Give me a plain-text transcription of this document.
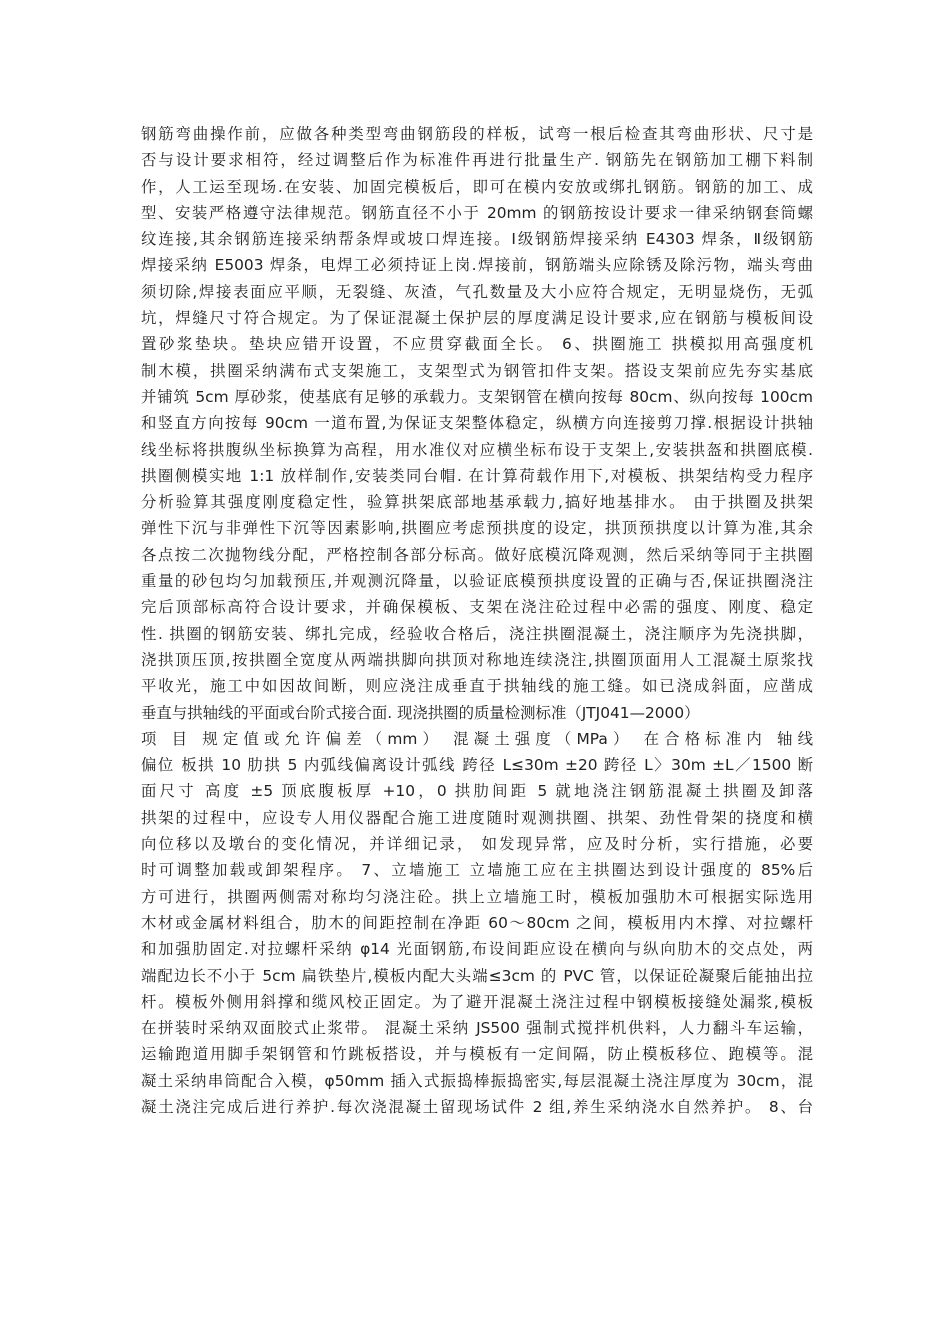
钢筋弯曲操作前，应做各种类型弯曲钢筋段的样板，试弯一根后检查其弯曲形状、尺寸是
否与设计要求相符，经过调整后作为标准件再进行批量生产. 钢筋先在钢筋加工棚下料制
作，人工运至现场.在安装、加固完模板后，即可在模内安放或绑扎钢筋。钢筋的加工、成
型、安装严格遵守法律规范。钢筋直径不小于 20mm 的钢筋按设计要求一律采纳钢套筒螺
纹连接,其余钢筋连接采纳帮条焊或坡口焊连接。Ⅰ级钢筋焊接采纳 E4303 焊条，Ⅱ级钢筋
焊接采纳 E5003 焊条，电焊工必须持证上岗.焊接前，钢筋端头应除锈及除污物，端头弯曲
须切除,焊接表面应平顺，无裂缝、灰渣，气孔数量及大小应符合规定，无明显烧伤，无弧
坑，焊缝尺寸符合规定。为了保证混凝土保护层的厚度满足设计要求,应在钢筋与模板间设
置砂浆垫块。垫块应错开设置，不应贯穿截面全长。 6、拱圈施工 拱模拟用高强度机
制木模，拱圈采纳满布式支架施工，支架型式为钢管扣件支架。搭设支架前应先夯实基底
并铺筑 5cm 厚砂浆，使基底有足够的承载力。支架钢管在横向按每 80cm、纵向按每 100cm
和竖直方向按每 90cm 一道布置,为保证支架整体稳定，纵横方向连接剪刀撑.根据设计拱轴
线坐标将拱腹纵坐标换算为高程，用水准仪对应横坐标布设于支架上,安装拱盔和拱圈底模.
拱圈侧模实地 1:1 放样制作,安装类同台帽. 在计算荷载作用下,对模板、拱架结构受力程序
分析验算其强度刚度稳定性，验算拱架底部地基承载力,搞好地基排水。 由于拱圈及拱架
弹性下沉与非弹性下沉等因素影响,拱圈应考虑预拱度的设定，拱顶预拱度以计算为准,其余
各点按二次抛物线分配，严格控制各部分标高。做好底模沉降观测，然后采纳等同于主拱圈
重量的砂包均匀加载预压,并观测沉降量，以验证底模预拱度设置的正确与否,保证拱圈浇注
完后顶部标高符合设计要求，并确保模板、支架在浇注砼过程中必需的强度、刚度、稳定
性. 拱圈的钢筋安装、绑扎完成，经验收合格后，浇注拱圈混凝土，浇注顺序为先浇拱脚，
浇拱顶压顶,按拱圈全宽度从两端拱脚向拱顶对称地连续浇注,拱圈顶面用人工混凝土原浆找
平收光，施工中如因故间断，则应浇注成垂直于拱轴线的施工缝。如已浇成斜面，应凿成
垂直与拱轴线的平面或台阶式接合面. 现浇拱圈的质量检测标准（JTJ041—2000）
项 目 规定值或允许偏差（mm） 混凝土强度（MPa） 在合格标准内 轴线
偏位 板拱 10 肋拱 5 内弧线偏离设计弧线 跨径 L≤30m ±20 跨径 L〉30m ±L／1500 断
面尺寸 高度 ±5 顶底腹板厚 +10，0 拱肋间距 5 就地浇注钢筋混凝土拱圈及卸落
拱架的过程中，应设专人用仪器配合施工进度随时观测拱圈、拱架、劲性骨架的挠度和横
向位移以及墩台的变化情况，并详细记录， 如发现异常，应及时分析，实行措施，必要
时可调整加载或卸架程序。 7、立墙施工 立墙施工应在主拱圈达到设计强度的 85%后
方可进行，拱圈两侧需对称均匀浇注砼。拱上立墙施工时，模板加强肋木可根据实际选用
木材或金属材料组合，肋木的间距控制在净距 60～80cm 之间，模板用内木撑、对拉螺杆
和加强肋固定.对拉螺杆采纳 φ14 光面钢筋,布设间距应设在横向与纵向肋木的交点处，两
端配边长不小于 5cm 扁铁垫片,模板内配大头端≤3cm 的 PVC 管，以保证砼凝聚后能抽出拉
杆。模板外侧用斜撑和缆风校正固定。为了避开混凝土浇注过程中钢模板接缝处漏浆,模板
在拼装时采纳双面胶式止浆带。 混凝土采纳 JS500 强制式搅拌机供料，人力翻斗车运输，
运输跑道用脚手架钢管和竹跳板搭设，并与模板有一定间隔，防止模板移位、跑模等。混
凝土采纳串筒配合入模，φ50mm 插入式振捣棒振捣密实,每层混凝土浇注厚度为 30cm，混
凝土浇注完成后进行养护.每次浇混凝土留现场试件 2 组,养生采纳浇水自然养护。 8、台
